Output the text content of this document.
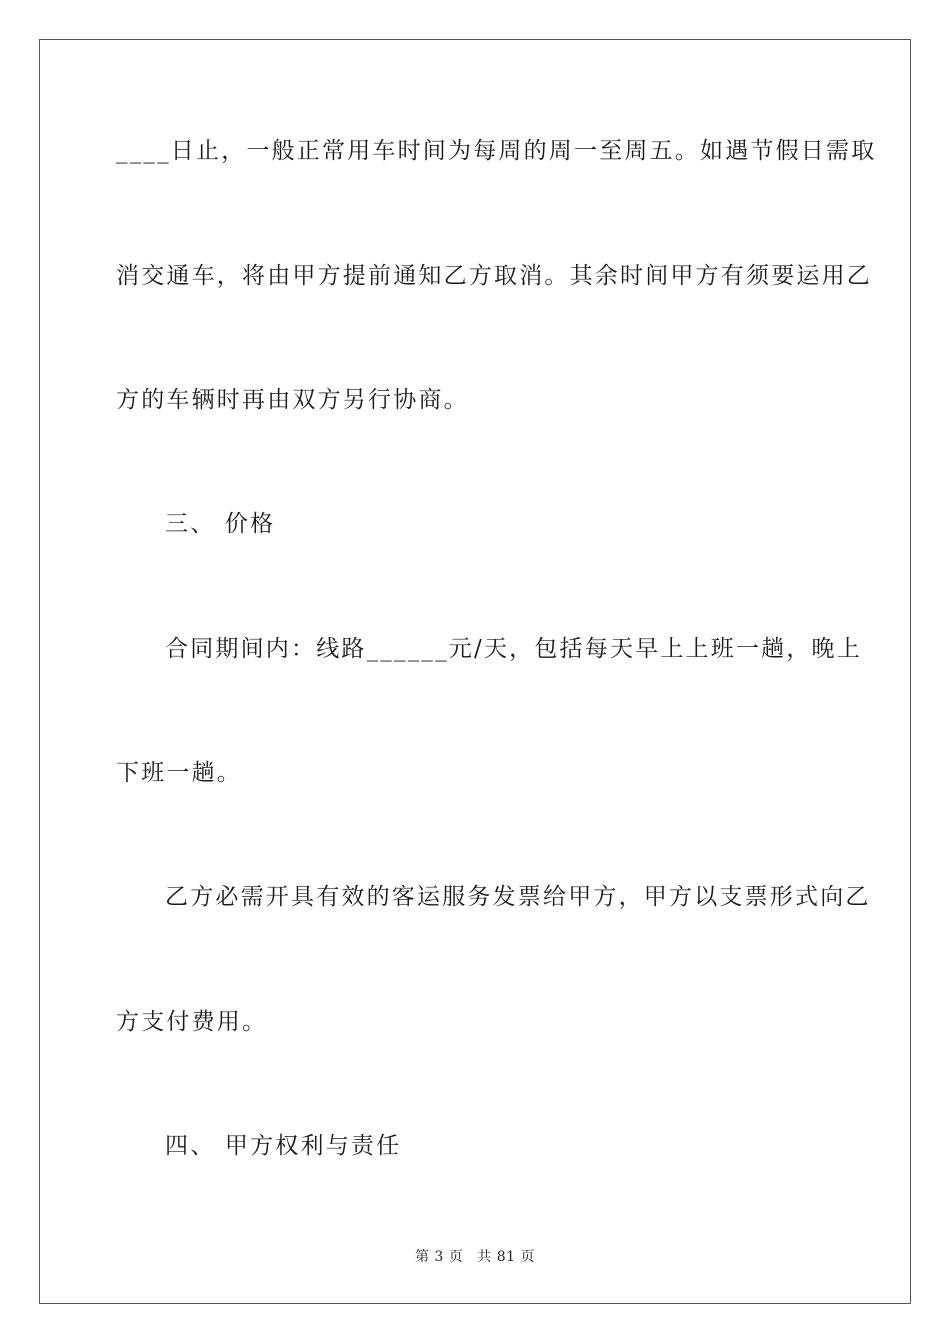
____日止，一般正常用车时间为每周的周一至周五。如遇节假日需取
消交通车，将由甲方提前通知乙方取消。其余时间甲方有须要运用乙
方的车辆时再由双方另行协商。
三、 价格
合同期间内：线路______元/天，包括每天早上上班一趟，晚上
下班一趟。
乙方必需开具有效的客运服务发票给甲方，甲方以支票形式向乙
方支付费用。
四、 甲方权利与责任
第 3 页 共 81 页
